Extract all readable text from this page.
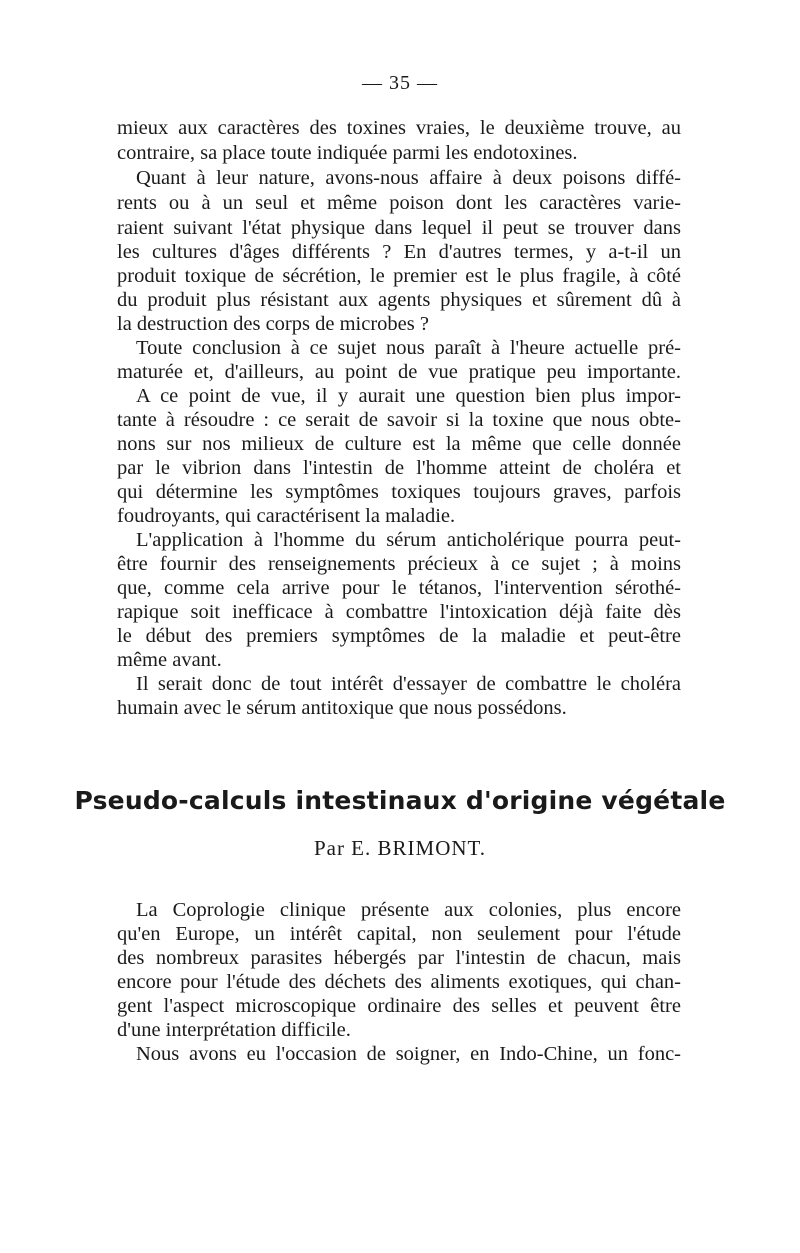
— 35 —
mieux aux caractères des toxines vraies, le deuxième trouve, au
contraire, sa place toute indiquée parmi les endotoxines.
Quant à leur nature, avons-nous affaire à deux poisons diffé-
rents ou à un seul et même poison dont les caractères varie-
raient suivant l'état physique dans lequel il peut se trouver dans
les cultures d'âges différents ? En d'autres termes, y a-t-il un
produit toxique de sécrétion, le premier est le plus fragile, à côté
du produit plus résistant aux agents physiques et sûrement dû à
la destruction des corps de microbes ?
Toute conclusion à ce sujet nous paraît à l'heure actuelle pré-
maturée et, d'ailleurs, au point de vue pratique peu importante.
A ce point de vue, il y aurait une question bien plus impor-
tante à résoudre : ce serait de savoir si la toxine que nous obte-
nons sur nos milieux de culture est la même que celle donnée
par le vibrion dans l'intestin de l'homme atteint de choléra et
qui détermine les symptômes toxiques toujours graves, parfois
foudroyants, qui caractérisent la maladie.
L'application à l'homme du sérum anticholérique pourra peut-
être fournir des renseignements précieux à ce sujet ; à moins
que, comme cela arrive pour le tétanos, l'intervention sérothé-
rapique soit inefficace à combattre l'intoxication déjà faite dès
le début des premiers symptômes de la maladie et peut-être
même avant.
Il serait donc de tout intérêt d'essayer de combattre le choléra
humain avec le sérum antitoxique que nous possédons.
Pseudo-calculs intestinaux d'origine végétale
Par E. BRIMONT.
La Coprologie clinique présente aux colonies, plus encore
qu'en Europe, un intérêt capital, non seulement pour l'étude
des nombreux parasites hébergés par l'intestin de chacun, mais
encore pour l'étude des déchets des aliments exotiques, qui chan-
gent l'aspect microscopique ordinaire des selles et peuvent être
d'une interprétation difficile.
Nous avons eu l'occasion de soigner, en Indo-Chine, un fonc-
